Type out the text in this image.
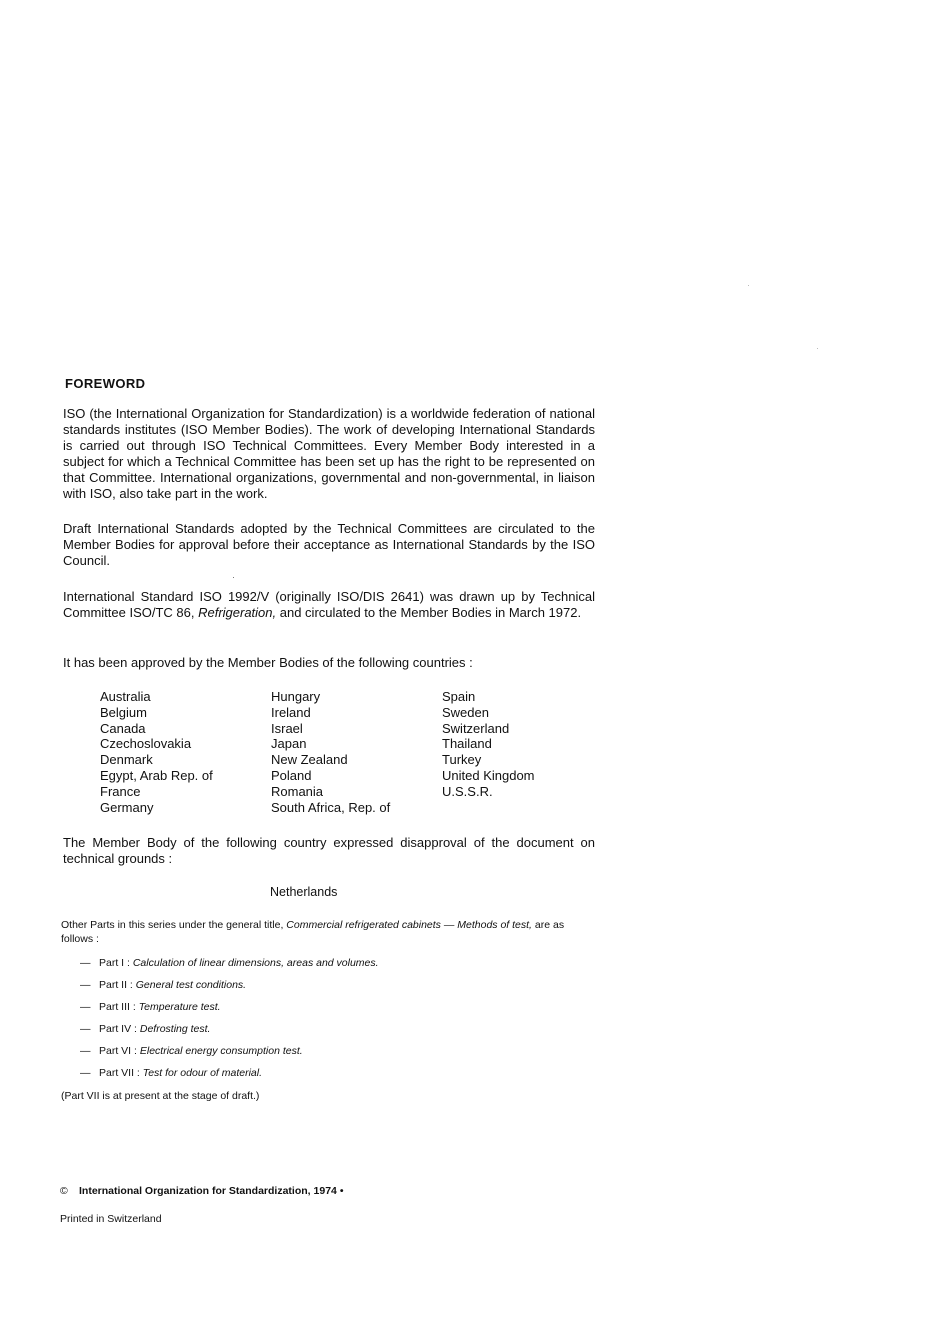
FOREWORD
ISO (the International Organization for Standardization) is a worldwide federation of national standards institutes (ISO Member Bodies). The work of developing International Standards is carried out through ISO Technical Committees. Every Member Body interested in a subject for which a Technical Committee has been set up has the right to be represented on that Committee. International organizations, governmental and non-governmental, in liaison with ISO, also take part in the work.
Draft International Standards adopted by the Technical Committees are circulated to the Member Bodies for approval before their acceptance as International Standards by the ISO Council.
International Standard ISO 1992/V (originally ISO/DIS 2641) was drawn up by Technical Committee ISO/TC 86, Refrigeration, and circulated to the Member Bodies in March 1972.
It has been approved by the Member Bodies of the following countries :
Australia
Belgium
Canada
Czechoslovakia
Denmark
Egypt, Arab Rep. of
France
Germany
Hungary
Ireland
Israel
Japan
New Zealand
Poland
Romania
South Africa, Rep. of
Spain
Sweden
Switzerland
Thailand
Turkey
United Kingdom
U.S.S.R.
The Member Body of the following country expressed disapproval of the document on technical grounds :
Netherlands
Other Parts in this series under the general title, Commercial refrigerated cabinets — Methods of test, are as follows :
— Part I : Calculation of linear dimensions, areas and volumes.
— Part II : General test conditions.
— Part III : Temperature test.
— Part IV : Defrosting test.
— Part VI : Electrical energy consumption test.
— Part VII : Test for odour of material.
(Part VII is at present at the stage of draft.)
© International Organization for Standardization, 1974 •
Printed in Switzerland
